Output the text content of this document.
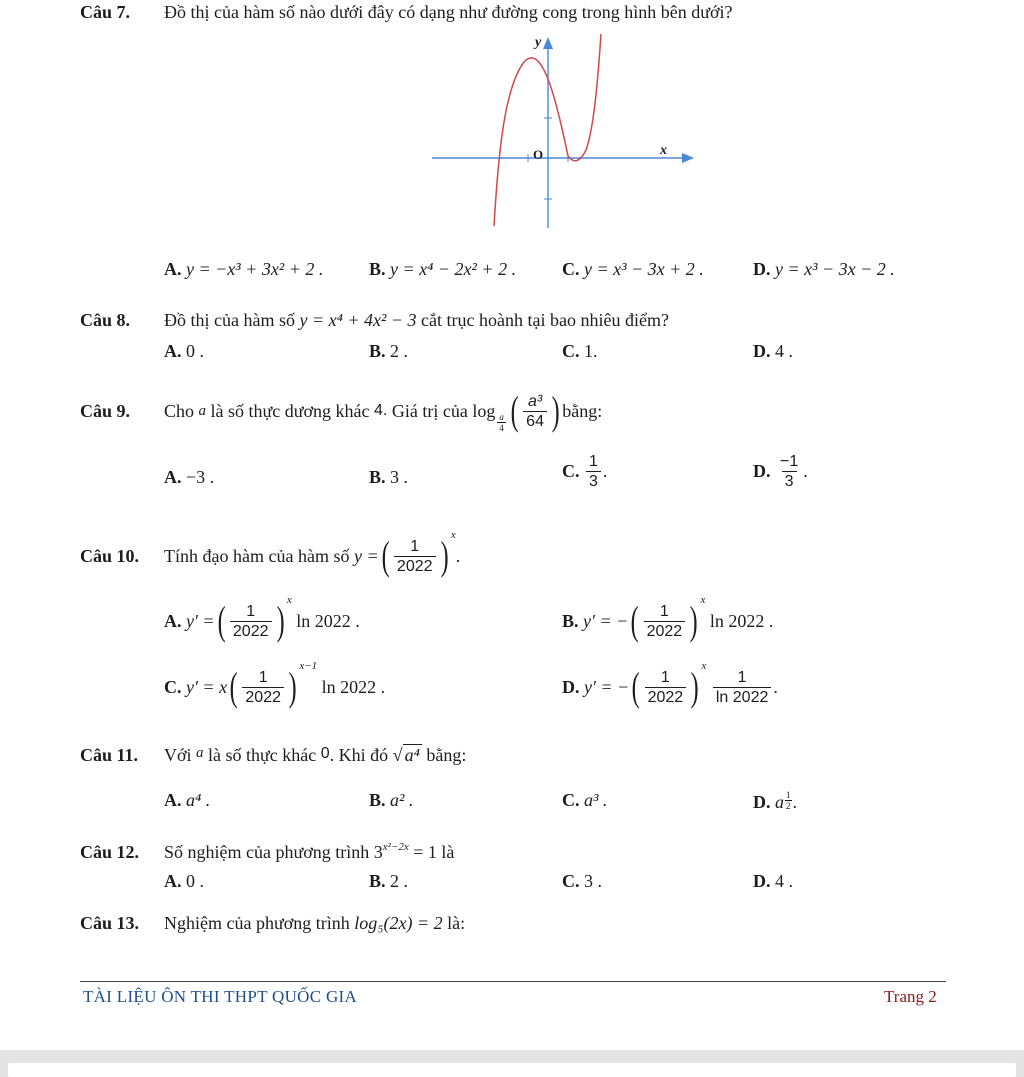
Câu 7. Đồ thị của hàm số nào dưới đây có dạng như đường cong trong hình bên dưới?
y
x
O
A. y = −x³ + 3x² + 2 .	B. y = x⁴ − 2x² + 2 .	C. y = x³ − 3x + 2 .	D. y = x³ − 3x − 2 .
Câu 8. Đồ thị của hàm số y = x⁴ + 4x² − 3 cắt trục hoành tại bao nhiêu điểm?
A. 0 .	B. 2 .	C. 1.	D. 4 .
Câu 9.	Cho
a
là số thực dương khác
4.
Giá trị của
log
$\frac{a}{4}$ ( $\frac{\text{a³}}{64}$ ) bằng:
A. −3 .	B. 3 .	C.
$\frac{1}{3}$ .	D.
$\frac{-1}{3}$ .
Câu 10.	Tính đạo hàm của hàm số
y = ( $\frac{1}{2022}$ ) x
.
A.
y′ = ( $\frac{1}{2022}$ ) x

ln 2022 .	B.
y′ = − ( $\frac{1}{2022}$ ) x

ln 2022 .
C.
y′ = x ( $\frac{1}{2022}$ ) x−1

ln 2022 .	D.
y′ = − ( $\frac{1}{2022}$ ) x

$\frac{1}{\ln 2022}$ .
Câu 11. Với $^a$ là số thực khác 0. Khi đó √ a⁴ bằng:
A. a⁴ .	B. a² .	C. a³ .	D. a $\frac{1}{2}$ .
Câu 12. Số nghiệm của phương trình $3^{x^2-2x} = 1$ là
A. 0 .	B. 2 .	C. 3 .	D. 4 .
Câu 13. Nghiệm của phương trình log₅(2x) = 2 là:
TÀI LIỆU ÔN THI THPT QUỐC GIA	Trang 2
